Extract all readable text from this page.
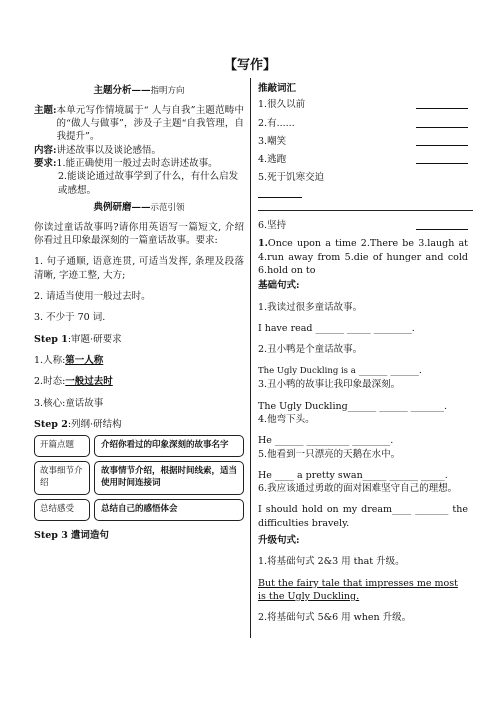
【写作】
主题分析——指明方向
主题: 本单元写作情境属于“ 人与自我”主题范畴中的“做人与做事”，涉及子主题“自我管理，自我提升”。
内容: 讲述故事以及谈论感悟。
要求: 1.能正确使用一般过去时态讲述故事。

2.能谈论通过故事学到了什么，有什么启发或感想。

典例研磨——示范引领

你读过童话故事吗?请你用英语写一篇短文, 介绍你看过且印象最深刻的一篇童话故事。要求:

1. 句子通顺, 语意连贯, 可适当发挥, 条理及段落清晰, 字迹工整, 大方;

2. 请适当使用一般过去时。

3. 不少于 70 词.

Step 1:审题·研要求

1.人称:第一人称

2.时态:一般过去时

3.核心:童话故事

Step 2:列纲·研结构

开篇点题	介绍你看过的印象深刻的故事名字
故事细节介绍
故事情节介绍，根据时间线索，适当使用时间连接词
总结感受	总结自己的感悟体会

Step 3 遣词造句

推敲词汇

1.很久以前
2.有......
3.嘲笑
4.逃跑
5.死于饥寒交迫
6.坚持

1.Once upon a time 2.There be 3.laugh at 4.run away from 5.die of hunger and cold 6.hold on to

基础句式:

1.我读过很多童话故事。

I have read ______ _____ ________.

2.丑小鸭是个童话故事。

The Ugly Duckling is a ______ ______.

3.丑小鸭的故事让我印象最深刻。

The Ugly Duckling______ ______ _______.

4.他弯下头。

He ______ _________ ________.

5.他看到一只漂亮的天鹅在水中。

He ____ a pretty swan_____ ______ _____.

6.我应该通过勇敢的面对困难坚守自己的理想。

I should hold on my dream____ _______ the difficulties bravely.

升级句式:

1.将基础句式 2&3 用 that 升级。

But the fairy tale that impresses me most is the Ugly Duckling.

2.将基础句式 5&6 用 when 升级。
